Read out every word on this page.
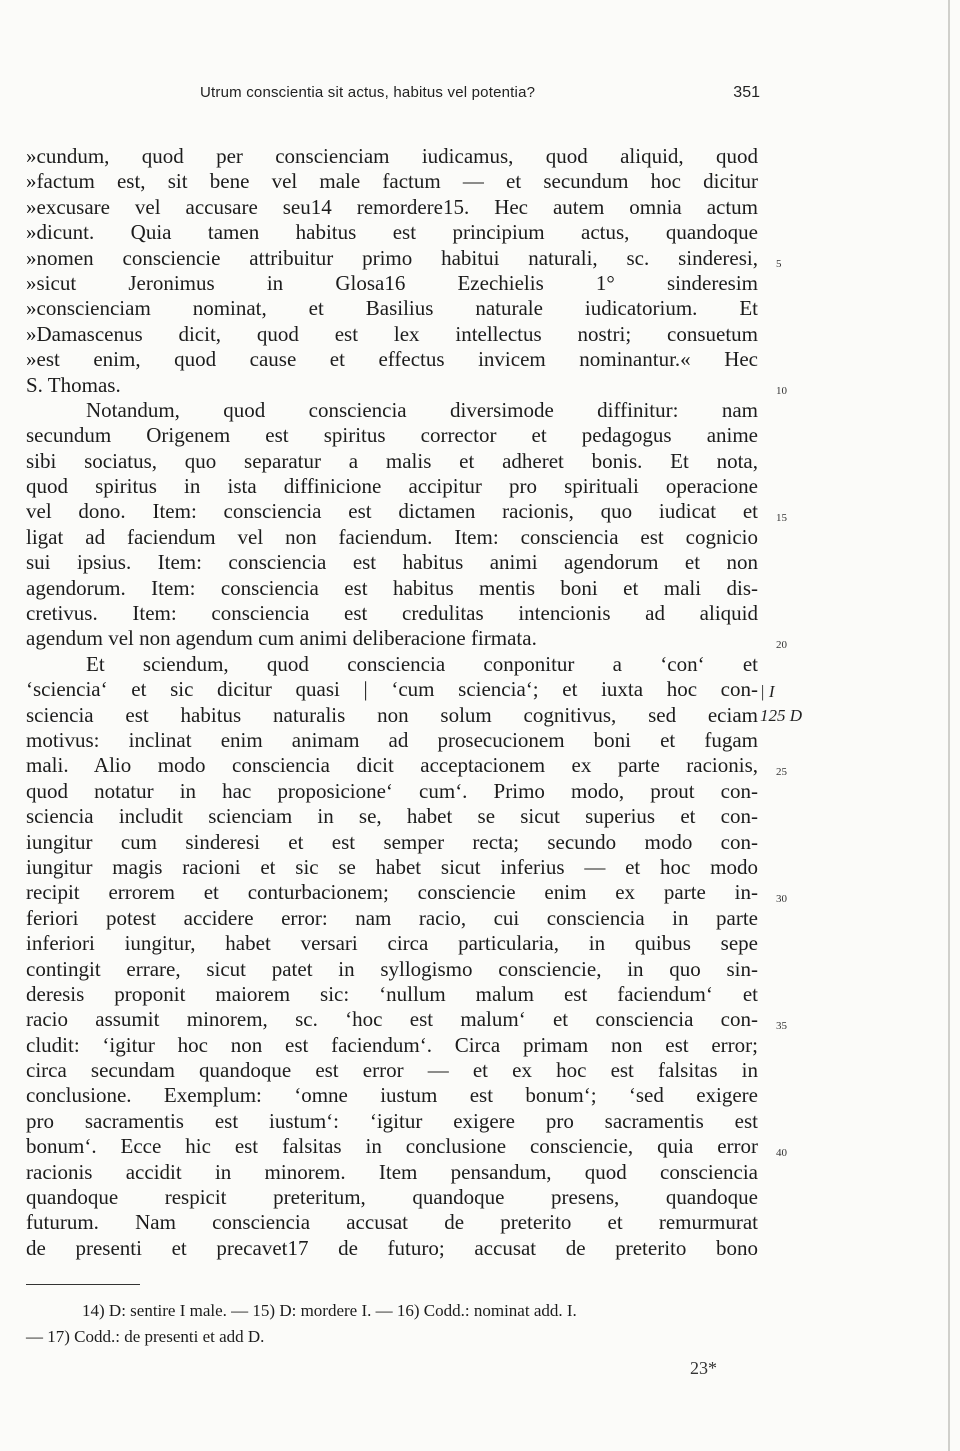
Utrum conscientia sit actus, habitus vel potentia?	351
»cundum, quod per conscienciam iudicamus, quod aliquid, quod
»factum est, sit bene vel male factum — et secundum hoc dicitur
»excusare vel accusare seu14 remordere15. Hec autem omnia actum
»dicunt. Quia tamen habitus est principium actus, quandoque
»nomen consciencie attribuitur primo habitui naturali, sc. sinderesi,
»sicut Jeronimus in Glosa16 Ezechielis 1° sinderesim
»conscienciam nominat, et Basilius naturale iudicatorium. Et
»Damascenus dicit, quod est lex intellectus nostri; consuetum
»est enim, quod cause et effectus invicem nominantur.« Hec
S. Thomas.
Notandum, quod consciencia diversimode diffinitur: nam
secundum Origenem est spiritus corrector et pedagogus anime
sibi sociatus, quo separatur a malis et adheret bonis. Et nota,
quod spiritus in ista diffinicione accipitur pro spirituali operacione
vel dono. Item: consciencia est dictamen racionis, quo iudicat et
ligat ad faciendum vel non faciendum. Item: consciencia est cognicio
sui ipsius. Item: consciencia est habitus animi agendorum et non
agendorum. Item: consciencia est habitus mentis boni et mali dis-
cretivus. Item: consciencia est credulitas intencionis ad aliquid
agendum vel non agendum cum animi deliberacione firmata.
Et sciendum, quod consciencia conponitur a ‘con‘ et
‘sciencia‘ et sic dicitur quasi | ‘cum sciencia‘; et iuxta hoc con-
sciencia est habitus naturalis non solum cognitivus, sed eciam
motivus: inclinat enim animam ad prosecucionem boni et fugam
mali. Alio modo consciencia dicit acceptacionem ex parte racionis,
quod notatur in hac proposicione‘ cum‘. Primo modo, prout con-
sciencia includit scienciam in se, habet se sicut superius et con-
iungitur cum sinderesi et est semper recta; secundo modo con-
iungitur magis racioni et sic se habet sicut inferius — et hoc modo
recipit errorem et conturbacionem; consciencie enim ex parte in-
feriori potest accidere error: nam racio, cui consciencia in parte
inferiori iungitur, habet versari circa particularia, in quibus sepe
contingit errare, sicut patet in syllogismo consciencie, in quo sin-
deresis proponit maiorem sic: ‘nullum malum est faciendum‘ et
racio assumit minorem, sc. ‘hoc est malum‘ et consciencia con-
cludit: ‘igitur hoc non est faciendum‘. Circa primam non est error;
circa secundam quandoque est error — et ex hoc est falsitas in
conclusione. Exemplum: ‘omne iustum est bonum‘; ‘sed exigere
pro sacramentis est iustum‘: ‘igitur exigere pro sacramentis est
bonum‘. Ecce hic est falsitas in conclusione consciencie, quia error
racionis accidit in minorem. Item pensandum, quod consciencia
quandoque respicit preteritum, quandoque presens, quandoque
futurum. Nam consciencia accusat de preterito et remurmurat
de presenti et precavet17 de futuro; accusat de preterito bono
5
10
15
20
25
30
35
40
| I
125 D
14) D: sentire I male. — 15) D: mordere I. — 16) Codd.: nominat add. I.
— 17) Codd.: de presenti et add D.
23*
